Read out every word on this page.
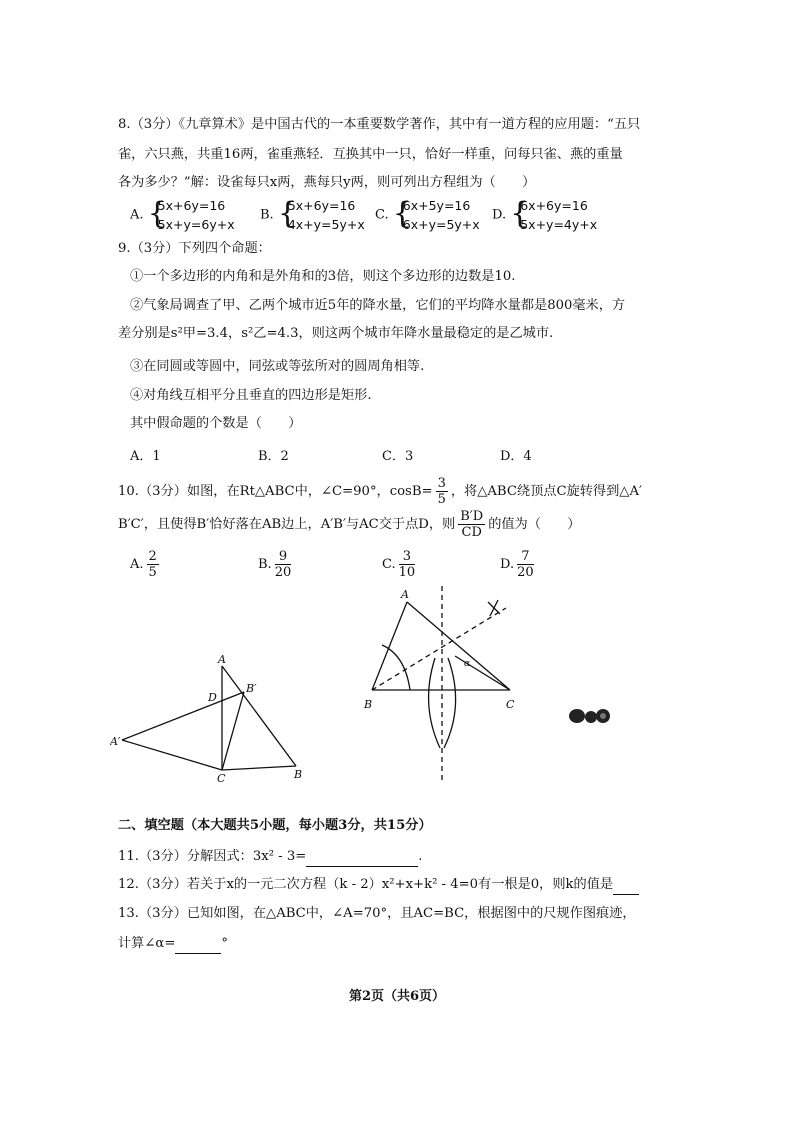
8.（3分）《九章算术》是中国古代的一本重要数学著作，其中有一道方程的应用题：“五只
雀，六只燕，共重16两，雀重燕轻．互换其中一只，恰好一样重，问每只雀、燕的重量
各为多少？”解：设雀每只x两，燕每只y两，则可列出方程组为（　　）
A. {
5x+6y=16
5x+y=6y+x
B. {
5x+6y=16
4x+y=5y+x
C. {
6x+5y=16
6x+y=5y+x
D. {
6x+6y=16
5x+y=4y+x
9.（3分）下列四个命题：
①一个多边形的内角和是外角和的3倍，则这个多边形的边数是10.
②气象局调查了甲、乙两个城市近5年的降水量，它们的平均降水量都是800毫米，方
差分别是s²甲=3.4，s²乙=4.3，则这两个城市年降水量最稳定的是乙城市.
③在同圆或等圆中，同弦或等弦所对的圆周角相等.
④对角线互相平分且垂直的四边形是矩形.
其中假命题的个数是（　　）
A．1	B．2	C．3	D．4
10.（3分）如图，在Rt△ABC中，∠C=90°，$\cos B= \frac{3}{5}$ ，将△ABC绕顶点C旋转得到△A′
B′C′，且使得B′恰好落在AB边上，A′B′与AC交于点D，则 $\frac{B'D}{CD}$ 的值为（　　）
A. $\frac{2}{5}$	B. $\frac{9}{20}$	C. $\frac{3}{10}$	D. $\frac{7}{20}$
A
D
B′
A′
C	B
A
B	C
α
二、填空题（本大题共5小题，每小题3分，共15分）
11.（3分）分解因式：3x² - 3=	.
12.（3分）若关于x的一元二次方程（k - 2）x²+x+k² - 4=0有一根是0，则k的值是
13.（3分）已知如图，在△ABC中，∠A=70°，且AC=BC，根据图中的尺规作图痕迹，
计算∠α=	°
第2页（共6页）
